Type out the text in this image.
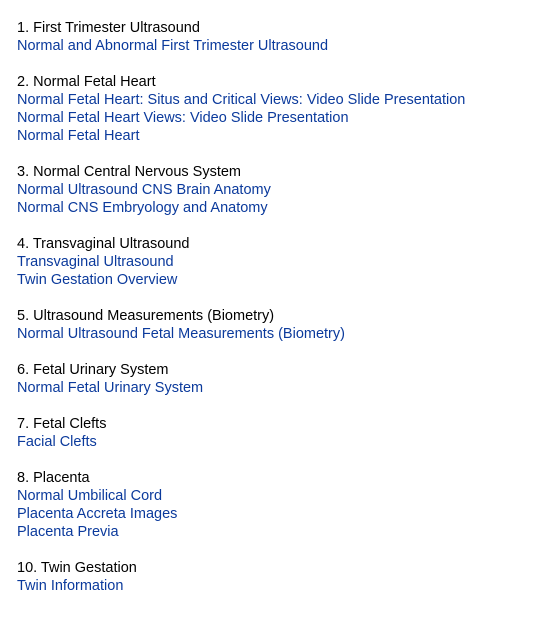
1. First Trimester Ultrasound
Normal and Abnormal First Trimester Ultrasound
2. Normal Fetal Heart
Normal Fetal Heart: Situs and Critical Views: Video Slide Presentation
Normal Fetal Heart Views: Video Slide Presentation
Normal Fetal Heart
3. Normal Central Nervous System
Normal Ultrasound CNS Brain Anatomy
Normal CNS Embryology and Anatomy
4. Transvaginal Ultrasound
Transvaginal Ultrasound
Twin Gestation Overview
5. Ultrasound Measurements (Biometry)
Normal Ultrasound Fetal Measurements (Biometry)
6. Fetal Urinary System
Normal Fetal Urinary System
7. Fetal Clefts
Facial Clefts
8. Placenta
Normal Umbilical Cord
Placenta Accreta Images
Placenta Previa
10. Twin Gestation
Twin Information
